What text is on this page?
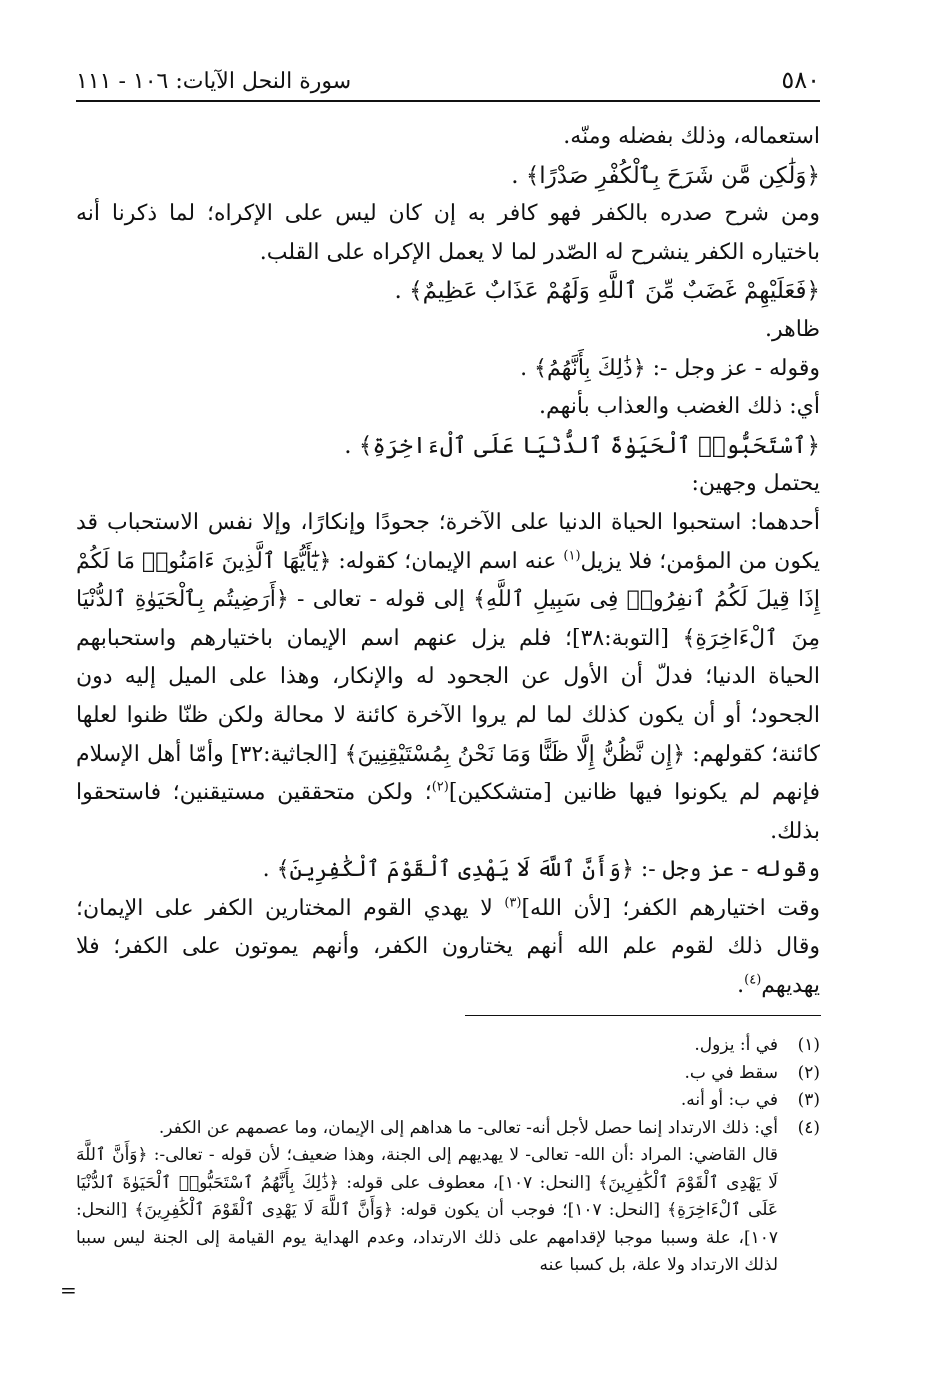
٥٨٠
سورة النحل الآيات: ١٠٦ - ١١١

استعماله، وذلك بفضله ومنّه.

﴿وَلَٰكِن مَّن شَرَحَ بِٱلْكُفْرِ صَدْرًا﴾ .

ومن شرح صدره بالكفر فهو كافر به إن كان ليس على الإكراه؛ لما ذكرنا أنه باختياره الكفر ينشرح له الصّدر لما لا يعمل الإكراه على القلب.

﴿فَعَلَيْهِمْ غَضَبٌ مِّنَ ٱللَّهِ وَلَهُمْ عَذَابٌ عَظِيمٌ﴾ .

ظاهر.

وقوله - عز وجل -: ﴿ذَٰلِكَ بِأَنَّهُمُ﴾ .

أي: ذلك الغضب والعذاب بأنهم.

﴿ٱسْتَحَبُّوا۟ ٱلْحَيَوٰةَ ٱلدُّنْيَا عَلَى ٱلْءَاخِرَةِ﴾ .

يحتمل وجهين:

أحدهما: استحبوا الحياة الدنيا على الآخرة؛ جحودًا وإنكارًا، وإلا نفس الاستحباب قد يكون من المؤمن؛ فلا يزيل$^{(١)}$ عنه اسم الإيمان؛ كقوله: ﴿يَٰٓأَيُّهَا ٱلَّذِينَ ءَامَنُوا۟ مَا لَكُمْ إِذَا قِيلَ لَكُمُ ٱنفِرُوا۟ فِى سَبِيلِ ٱللَّهِ﴾ إلى قوله - تعالى - ﴿أَرَضِيتُم بِٱلْحَيَوٰةِ ٱلدُّنْيَا مِنَ ٱلْءَاخِرَةِ﴾ [التوبة:٣٨]؛ فلم يزل عنهم اسم الإيمان باختيارهم واستحبابهم الحياة الدنيا؛ فدلّ أن الأول عن الجحود له والإنكار، وهذا على الميل إليه دون الجحود؛ أو أن يكون كذلك لما لم يروا الآخرة كائنة لا محالة ولكن ظنّا ظنوا لعلها كائنة؛ كقولهم: ﴿إِن نَّظُنُّ إِلَّا ظَنًّا وَمَا نَحْنُ بِمُسْتَيْقِنِينَ﴾ [الجاثية:٣٢] وأمّا أهل الإسلام فإنهم لم يكونوا فيها ظانين [متشككين]$^{(٢)}$؛ ولكن متحققين مستيقنين؛ فاستحقوا بذلك.

وقوله - عز وجل -: ﴿وَأَنَّ ٱللَّهَ لَا يَهْدِى ٱلْقَوْمَ ٱلْكَٰفِرِينَ﴾ .

وقت اختيارهم الكفر؛ [لأن الله]$^{(٣)}$ لا يهدي القوم المختارين الكفر على الإيمان؛ وقال ذلك لقوم علم الله أنهم يختارون الكفر، وأنهم يموتون على الكفر؛ فلا يهديهم$^{(٤)}$.

(١)
في أ: يزول.
(٢)
سقط في ب.
(٣)
في ب: أو أنه.
(٤)
أي: ذلك الارتداد إنما حصل لأجل أنه- تعالى- ما هداهم إلى الإيمان، وما عصمهم عن الكفر.
قال القاضي: المراد :أن الله- تعالى- لا يهديهم إلى الجنة، وهذا ضعيف؛ لأن قوله - تعالى-: ﴿وَأَنَّ ٱللَّهَ لَا يَهْدِى ٱلْقَوْمَ ٱلْكَٰفِرِينَ﴾ [النحل: ١٠٧]، معطوف على قوله: ﴿ذَٰلِكَ بِأَنَّهُمُ ٱسْتَحَبُّوا۟ ٱلْحَيَوٰةَ ٱلدُّنْيَا عَلَى ٱلْءَاخِرَةِ﴾ [النحل: ١٠٧]؛ فوجب أن يكون قوله: ﴿وَأَنَّ ٱللَّهَ لَا يَهْدِى ٱلْقَوْمَ ٱلْكَٰفِرِينَ﴾ [النحل: ١٠٧]، علة وسببا موجبا لإقدامهم على ذلك الارتداد، وعدم الهداية يوم القيامة إلى الجنة ليس سببا لذلك الارتداد ولا علة، بل كسبا عنه
=
